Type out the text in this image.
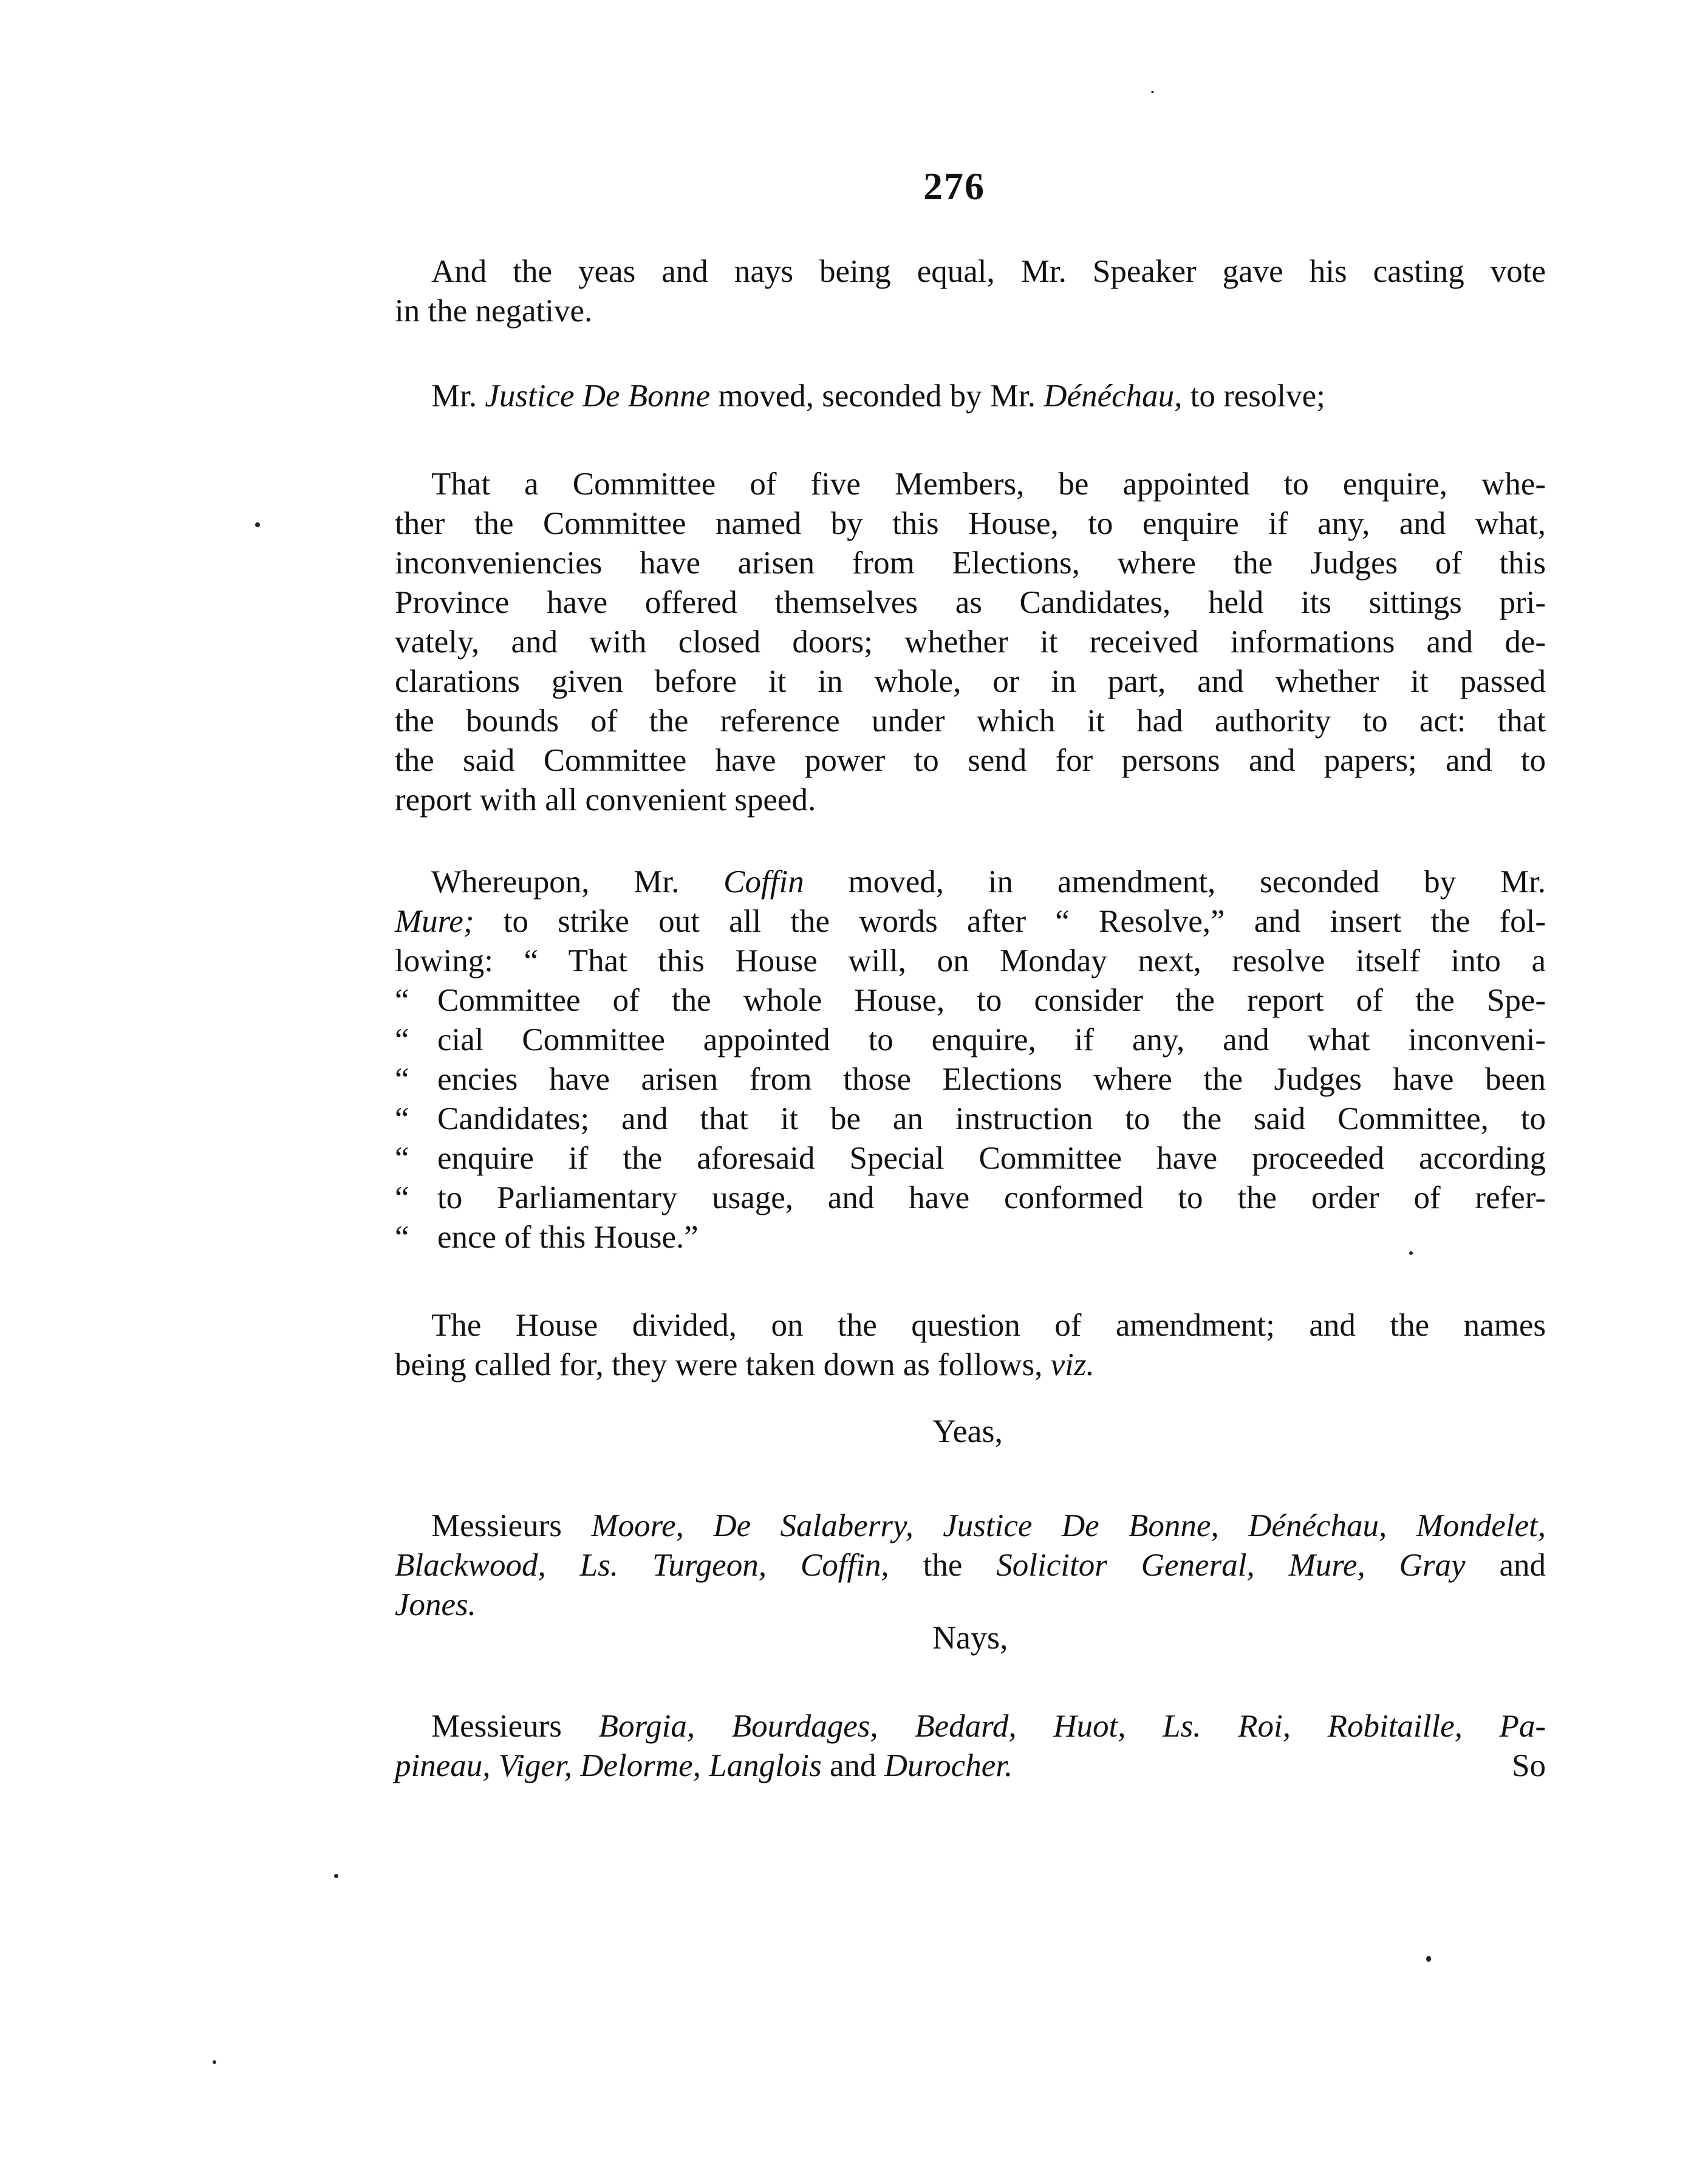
276
And the yeas and nays being equal, Mr. Speaker gave his casting vote
in the negative.
Mr. Justice De Bonne moved, seconded by Mr. Dénéchau, to resolve;
That a Committee of five Members, be appointed to enquire, whe-
ther the Committee named by this House, to enquire if any, and what,
inconveniencies have arisen from Elections, where the Judges of this
Province have offered themselves as Candidates, held its sittings pri-
vately, and with closed doors; whether it received informations and de-
clarations given before it in whole, or in part, and whether it passed
the bounds of the reference under which it had authority to act: that
the said Committee have power to send for persons and papers; and to
report with all convenient speed.
Whereupon, Mr. Coffin moved, in amendment, seconded by Mr.
Mure; to strike out all the words after “ Resolve,” and insert the fol-
lowing: “ That this House will, on Monday next, resolve itself into a
“ Committee of the whole House, to consider the report of the Spe-
“ cial Committee appointed to enquire, if any, and what inconveni-
“ encies have arisen from those Elections where the Judges have been
“ Candidates; and that it be an instruction to the said Committee, to
“ enquire if the aforesaid Special Committee have proceeded according
“ to Parliamentary usage, and have conformed to the order of refer-
“ ence of this House.”
The House divided, on the question of amendment; and the names
being called for, they were taken down as follows, viz.
Yeas,
Messieurs Moore, De Salaberry, Justice De Bonne, Dénéchau, Mondelet,
Blackwood, Ls. Turgeon, Coffin, the Solicitor General, Mure, Gray and
Jones.
Nays,
Messieurs Borgia, Bourdages, Bedard, Huot, Ls. Roi, Robitaille, Pa-
pineau, Viger, Delorme, Langlois and Durocher.	So
